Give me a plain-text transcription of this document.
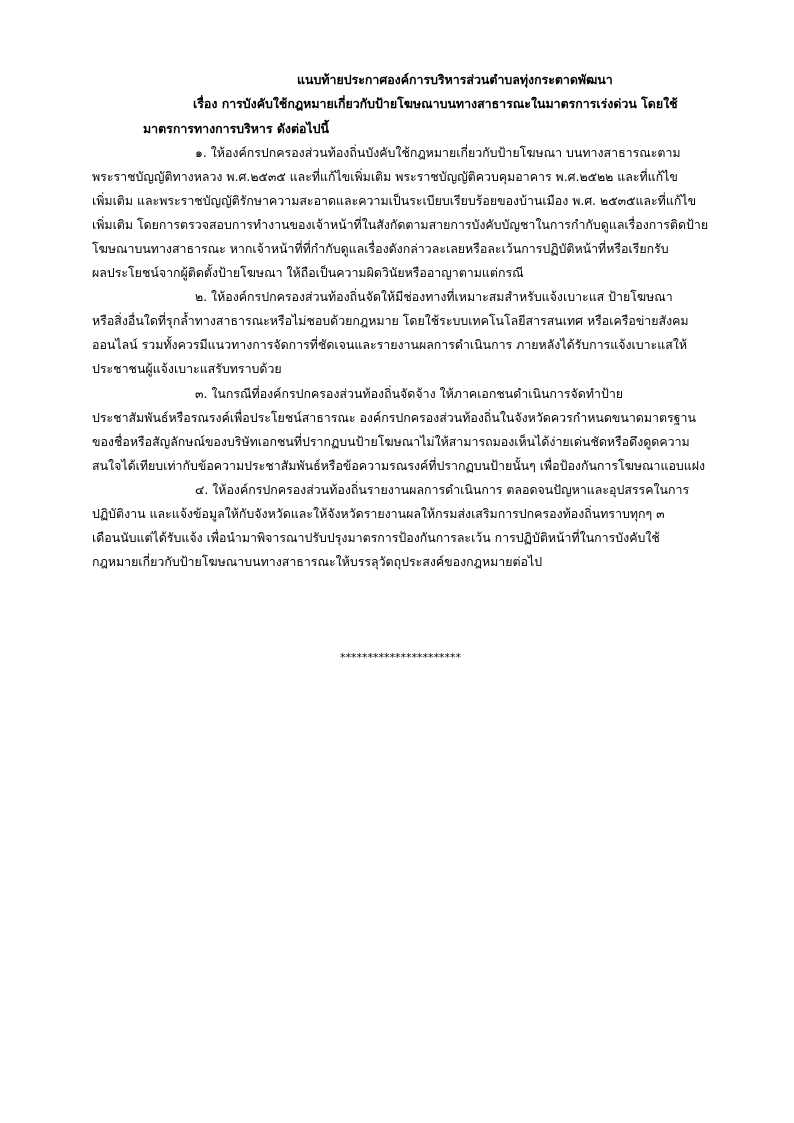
แนบท้ายประกาศองค์การบริหารส่วนตำบลทุ่งกระตาดพัฒนา
เรื่อง การบังคับใช้กฎหมายเกี่ยวกับป้ายโฆษณาบนทางสาธารณะในมาตรการเร่งด่วน โดยใช้
มาตรการทางการบริหาร ดังต่อไปนี้
๑. ให้องค์กรปกครองส่วนท้องถิ่นบังคับใช้กฎหมายเกี่ยวกับป้ายโฆษณา บนทางสาธารณะตาม
พระราชบัญญัติทางหลวง พ.ศ.๒๕๓๕ และที่แก้ไขเพิ่มเติม พระราชบัญญัติควบคุมอาคาร พ.ศ.๒๕๒๒ และที่แก้ไข
เพิ่มเติม และพระราชบัญญัติรักษาความสะอาดและความเป็นระเบียบเรียบร้อยของบ้านเมือง พ.ศ. ๒๕๓๕และที่แก้ไข
เพิ่มเติม โดยการตรวจสอบการทำงานของเจ้าหน้าที่ในสังกัดตามสายการบังคับบัญชาในการกำกับดูแลเรื่องการติดป้าย
โฆษณาบนทางสาธารณะ หากเจ้าหน้าที่ที่กำกับดูแลเรื่องดังกล่าวละเลยหรือละเว้นการปฏิบัติหน้าที่หรือเรียกรับ
ผลประโยชน์จากผู้ติดตั้งป้ายโฆษณา ให้ถือเป็นความผิดวินัยหรืออาญาตามแต่กรณี
๒. ให้องค์กรปกครองส่วนท้องถิ่นจัดให้มีช่องทางที่เหมาะสมสำหรับแจ้งเบาะแส ป้ายโฆษณา
หรือสิ่งอื่นใดที่รุกล้ำทางสาธารณะหรือไม่ชอบด้วยกฎหมาย โดยใช้ระบบเทคโนโลยีสารสนเทศ หรือเครือข่ายสังคม
ออนไลน์ รวมทั้งควรมีแนวทางการจัดการที่ชัดเจนและรายงานผลการดำเนินการ ภายหลังได้รับการแจ้งเบาะแสให้
ประชาชนผู้แจ้งเบาะแสรับทราบด้วย
๓. ในกรณีที่องค์กรปกครองส่วนท้องถิ่นจัดจ้าง ให้ภาคเอกชนดำเนินการจัดทำป้าย
ประชาสัมพันธ์หรือรณรงค์เพื่อประโยชน์สาธารณะ องค์กรปกครองส่วนท้องถิ่นในจังหวัดควรกำหนดขนาดมาตรฐาน
ของชื่อหรือสัญลักษณ์ของบริษัทเอกชนที่ปรากฏบนป้ายโฆษณาไม่ให้สามารถมองเห็นได้ง่ายเด่นชัดหรือดึงดูดความ
สนใจได้เทียบเท่ากับข้อความประชาสัมพันธ์หรือข้อความรณรงค์ที่ปรากฏบนป้ายนั้นๆ เพื่อป้องกันการโฆษณาแอบแฝง
๔. ให้องค์กรปกครองส่วนท้องถิ่นรายงานผลการดำเนินการ ตลอดจนปัญหาและอุปสรรคในการ
ปฏิบัติงาน และแจ้งข้อมูลให้กับจังหวัดและให้จังหวัดรายงานผลให้กรมส่งเสริมการปกครองท้องถิ่นทราบทุกๆ ๓
เดือนนับแต่ได้รับแจ้ง เพื่อนำมาพิจารณาปรับปรุงมาตรการป้องกันการละเว้น การปฏิบัติหน้าที่ในการบังคับใช้
กฎหมายเกี่ยวกับป้ายโฆษณาบนทางสาธารณะให้บรรลุวัตถุประสงค์ของกฎหมายต่อไป
**********************
